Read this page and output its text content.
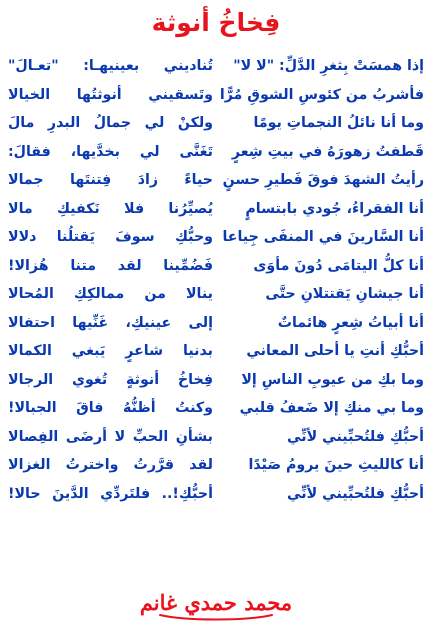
فِخاخُ أنوثة
إذا همسَتْ بِثغرِ الدَّلِّ: "لا لا"
تُناديني بعينيهـا: "تعـالَ"
فأشربُ من كئوسِ الشوقِ مُرًّا
وتَسقيني أنوثتُها الخيالا
وما أنا نائلُ النجماتِ يومًا
ولكنْ لي جمالُ البدرِ مالَ
قَطفتُ زهورَهُ في بيتِ شِعرٍ
تَغَنَّى لي بخدَّيها، فقالَ:
رأيتُ الشهدَ فوقَ فَطيرِ حسنٍ
حياءً زادَ فِتنتَها جمالا
أنا الفقراءُ، جُودي بابتسامٍ
يُصيِّرُنا فلا نَكفيكِ مالا
أنا السَّارينَ في المنفَى جِياعا
وحبُّكِ سوفَ يَقتلُنا دلالا
أنا كلُّ اليتامَى دُونَ مأوَى
فَضُمِّينا لقد متنا هُزالا!
أنا جيشانِ يَقتتلانِ حتَّى
ينالا من ممالكِكِ المُحالا
أنا أبياتُ شِعرٍ هائماتٌ
إلى عينيكِ، غَنِّيها احتفالا
أحبُّكِ أنتِ يا أحلى المعاني
بدنيا شاعرٍ يَبغي الكمالا
وما بكِ من عيوبِ الناسِ إلا
فِخاخُ أنوثةٍ تُغوي الرجالا
وما بي منكِ إلا ضَعفُ قلبي
وكنتُ أظنُّهُ فاقَ الجبالا!
أحبُّكِ فلتُحبِّيني لأنِّي
بشأنِ الحبِّ لا أرضَى الفِصالا
أنا كالليثِ حينَ يرومُ صَيْدًا
لقد قرَّرتُ واخترتُ الغزالا
أحبُّكِ فلتُحبِّيني لأنِّي
أحبُّكِ!.. فلتَردِّي الدَّينَ حالا!
محمد حمدي غانم
